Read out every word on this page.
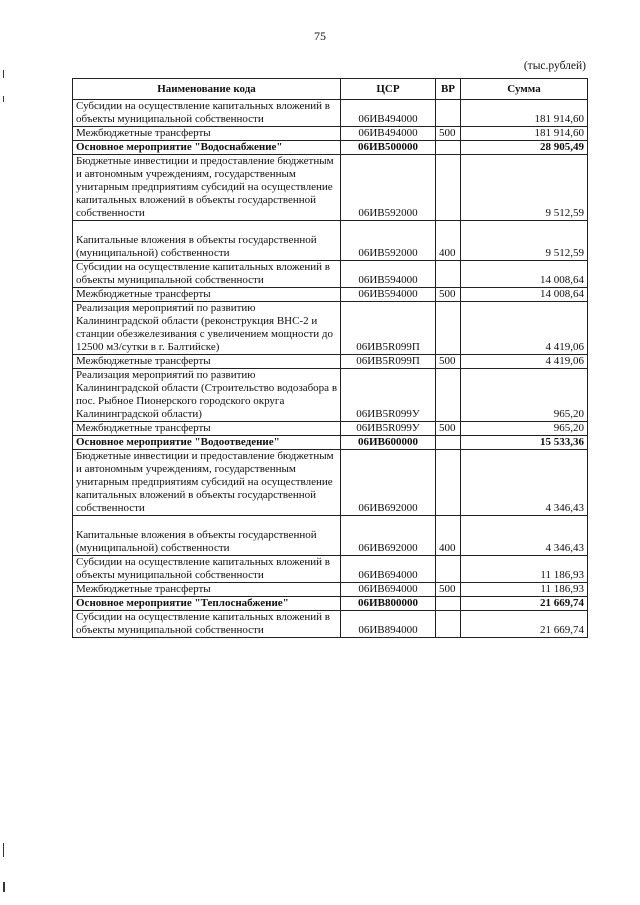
75
(тыс.рублей)
Наименование кода	ЦСР	ВР	Сумма
Субсидии на осуществление капитальных вложений в объекты муниципальной собственности	06ИВ494000		181 914,60
Межбюджетные трансферты	06ИВ494000	500	181 914,60
Основное мероприятие "Водоснабжение"	06ИВ500000		28 905,49
Бюджетные инвестиции и предоставление бюджетным и автономным учреждениям, государственным унитарным предприятиям субсидий на осуществление капитальных вложений в объекты государственной собственности	06ИВ592000		9 512,59

Капитальные вложения в объекты государственной (муниципальной) собственности	06ИВ592000	400	9 512,59
Субсидии на осуществление капитальных вложений в объекты муниципальной собственности	06ИВ594000		14 008,64
Межбюджетные трансферты	06ИВ594000	500	14 008,64
Реализация мероприятий по развитию Калининградской области (реконструкция ВНС-2 и станции обезжелезивания с увеличением мощности до 12500 м3/сутки в г. Балтийске)	06ИВ5R099П		4 419,06
Межбюджетные трансферты	06ИВ5R099П	500	4 419,06
Реализация мероприятий по развитию Калининградской области (Строительство водозабора в пос. Рыбное Пионерского городского округа Калининградской области)	06ИВ5R099У		965,20
Межбюджетные трансферты	06ИВ5R099У	500	965,20
Основное мероприятие "Водоотведение"	06ИВ600000		15 533,36
Бюджетные инвестиции и предоставление бюджетным и автономным учреждениям, государственным унитарным предприятиям субсидий на осуществление капитальных вложений в объекты государственной собственности	06ИВ692000		4 346,43

Капитальные вложения в объекты государственной (муниципальной) собственности	06ИВ692000	400	4 346,43
Субсидии на осуществление капитальных вложений в объекты муниципальной собственности	06ИВ694000		11 186,93
Межбюджетные трансферты	06ИВ694000	500	11 186,93
Основное мероприятие "Теплоснабжение"	06ИВ800000		21 669,74
Субсидии на осуществление капитальных вложений в объекты муниципальной собственности	06ИВ894000		21 669,74
